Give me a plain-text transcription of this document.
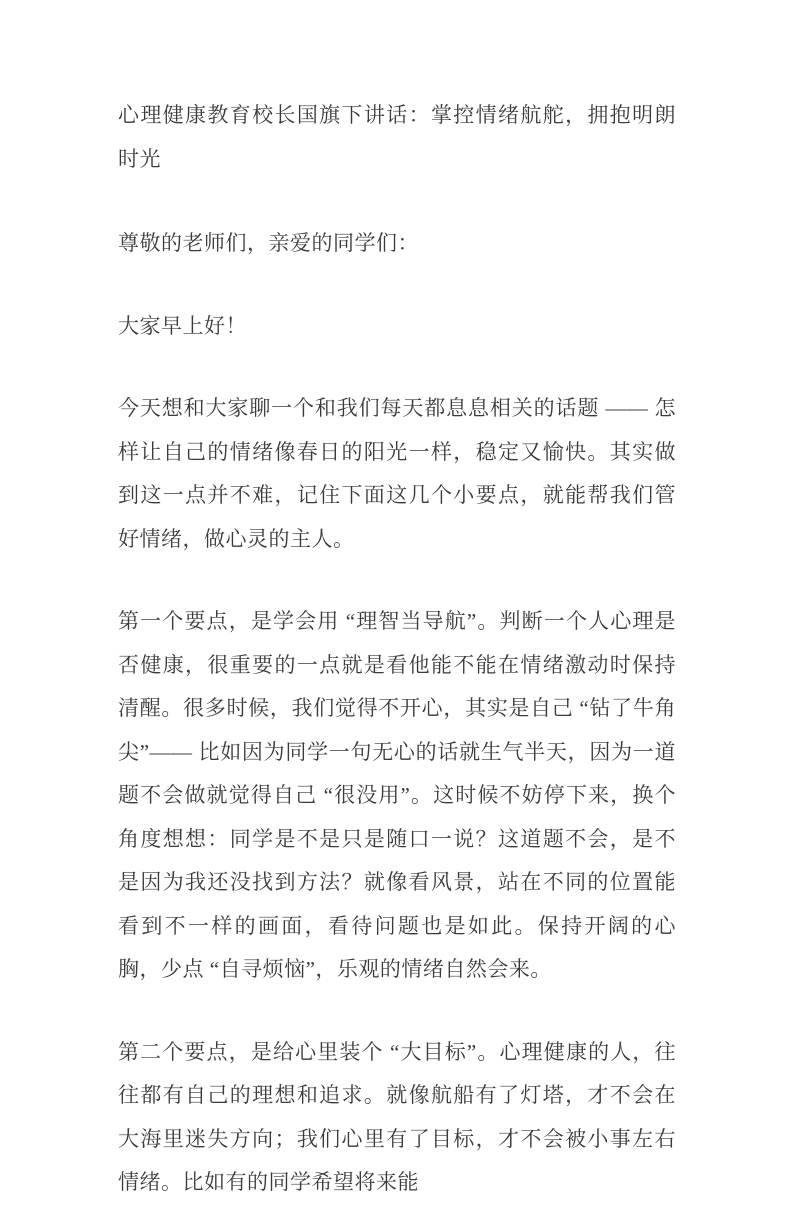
心理健康教育校长国旗下讲话：掌控情绪航舵，拥抱明朗时光

尊敬的老师们，亲爱的同学们：

大家早上好！

今天想和大家聊一个和我们每天都息息相关的话题 —— 怎样让自己的情绪像春日的阳光一样，稳定又愉快。其实做到这一点并不难，记住下面这几个小要点，就能帮我们管好情绪，做心灵的主人。

第一个要点，是学会用 “理智当导航”。判断一个人心理是否健康，很重要的一点就是看他能不能在情绪激动时保持清醒。很多时候，我们觉得不开心，其实是自己 “钻了牛角尖”—— 比如因为同学一句无心的话就生气半天，因为一道题不会做就觉得自己 “很没用”。这时候不妨停下来，换个角度想想：同学是不是只是随口一说？这道题不会，是不是因为我还没找到方法？就像看风景，站在不同的位置能看到不一样的画面，看待问题也是如此。保持开阔的心胸，少点 “自寻烦恼”，乐观的情绪自然会来。

第二个要点，是给心里装个 “大目标”。心理健康的人，往往都有自己的理想和追求。就像航船有了灯塔，才不会在大海里迷失方向；我们心里有了目标，才不会被小事左右情绪。比如有的同学希望将来能
